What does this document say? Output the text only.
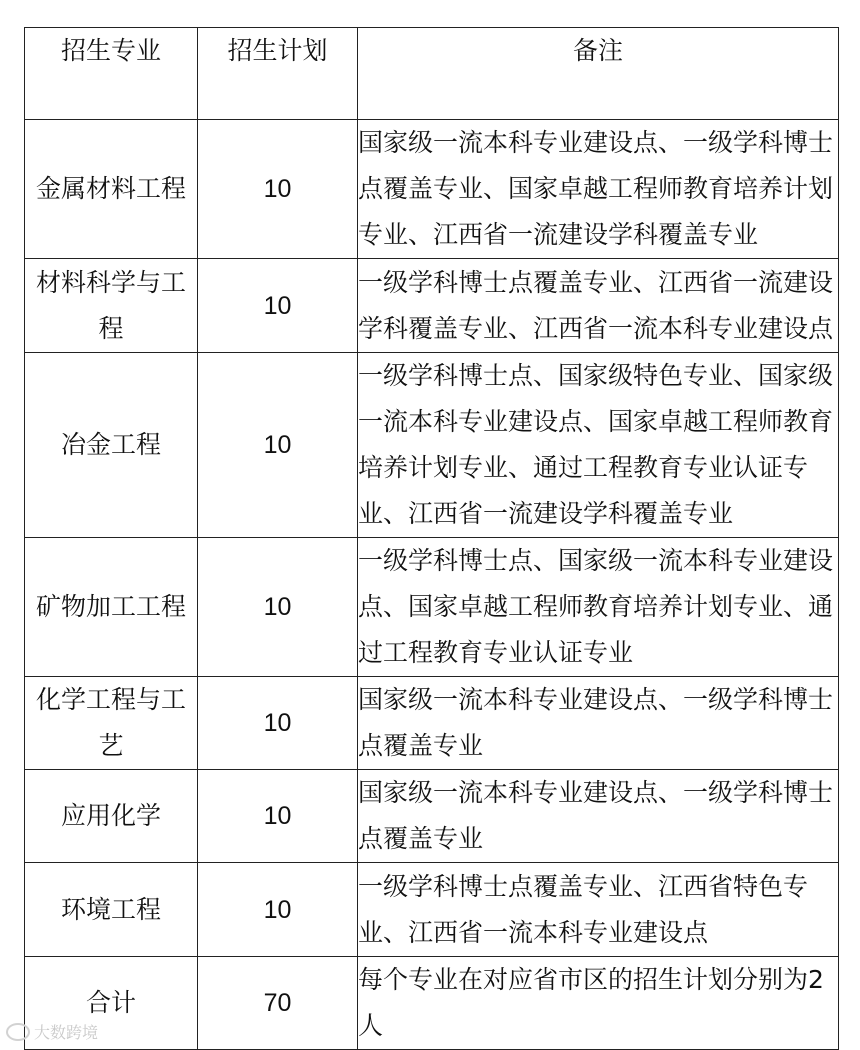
招生专业	招生计划	备注

金属材料工程	10	国家级一流本科专业建设点、一级学科博士点覆盖专业、国家卓越工程师教育培养计划专业、江西省一流建设学科覆盖专业
材料科学与工程	10	一级学科博士点覆盖专业、江西省一流建设学科覆盖专业、江西省一流本科专业建设点
冶金工程	10	一级学科博士点、国家级特色专业、国家级一流本科专业建设点、国家卓越工程师教育培养计划专业、通过工程教育专业认证专业、江西省一流建设学科覆盖专业
矿物加工工程	10	一级学科博士点、国家级一流本科专业建设点、国家卓越工程师教育培养计划专业、通过工程教育专业认证专业
化学工程与工艺	10	国家级一流本科专业建设点、一级学科博士点覆盖专业
应用化学	10	国家级一流本科专业建设点、一级学科博士点覆盖专业
环境工程	10	一级学科博士点覆盖专业、江西省特色专业、江西省一流本科专业建设点
合计	70	每个专业在对应省市区的招生计划分别为2人
大数跨境
